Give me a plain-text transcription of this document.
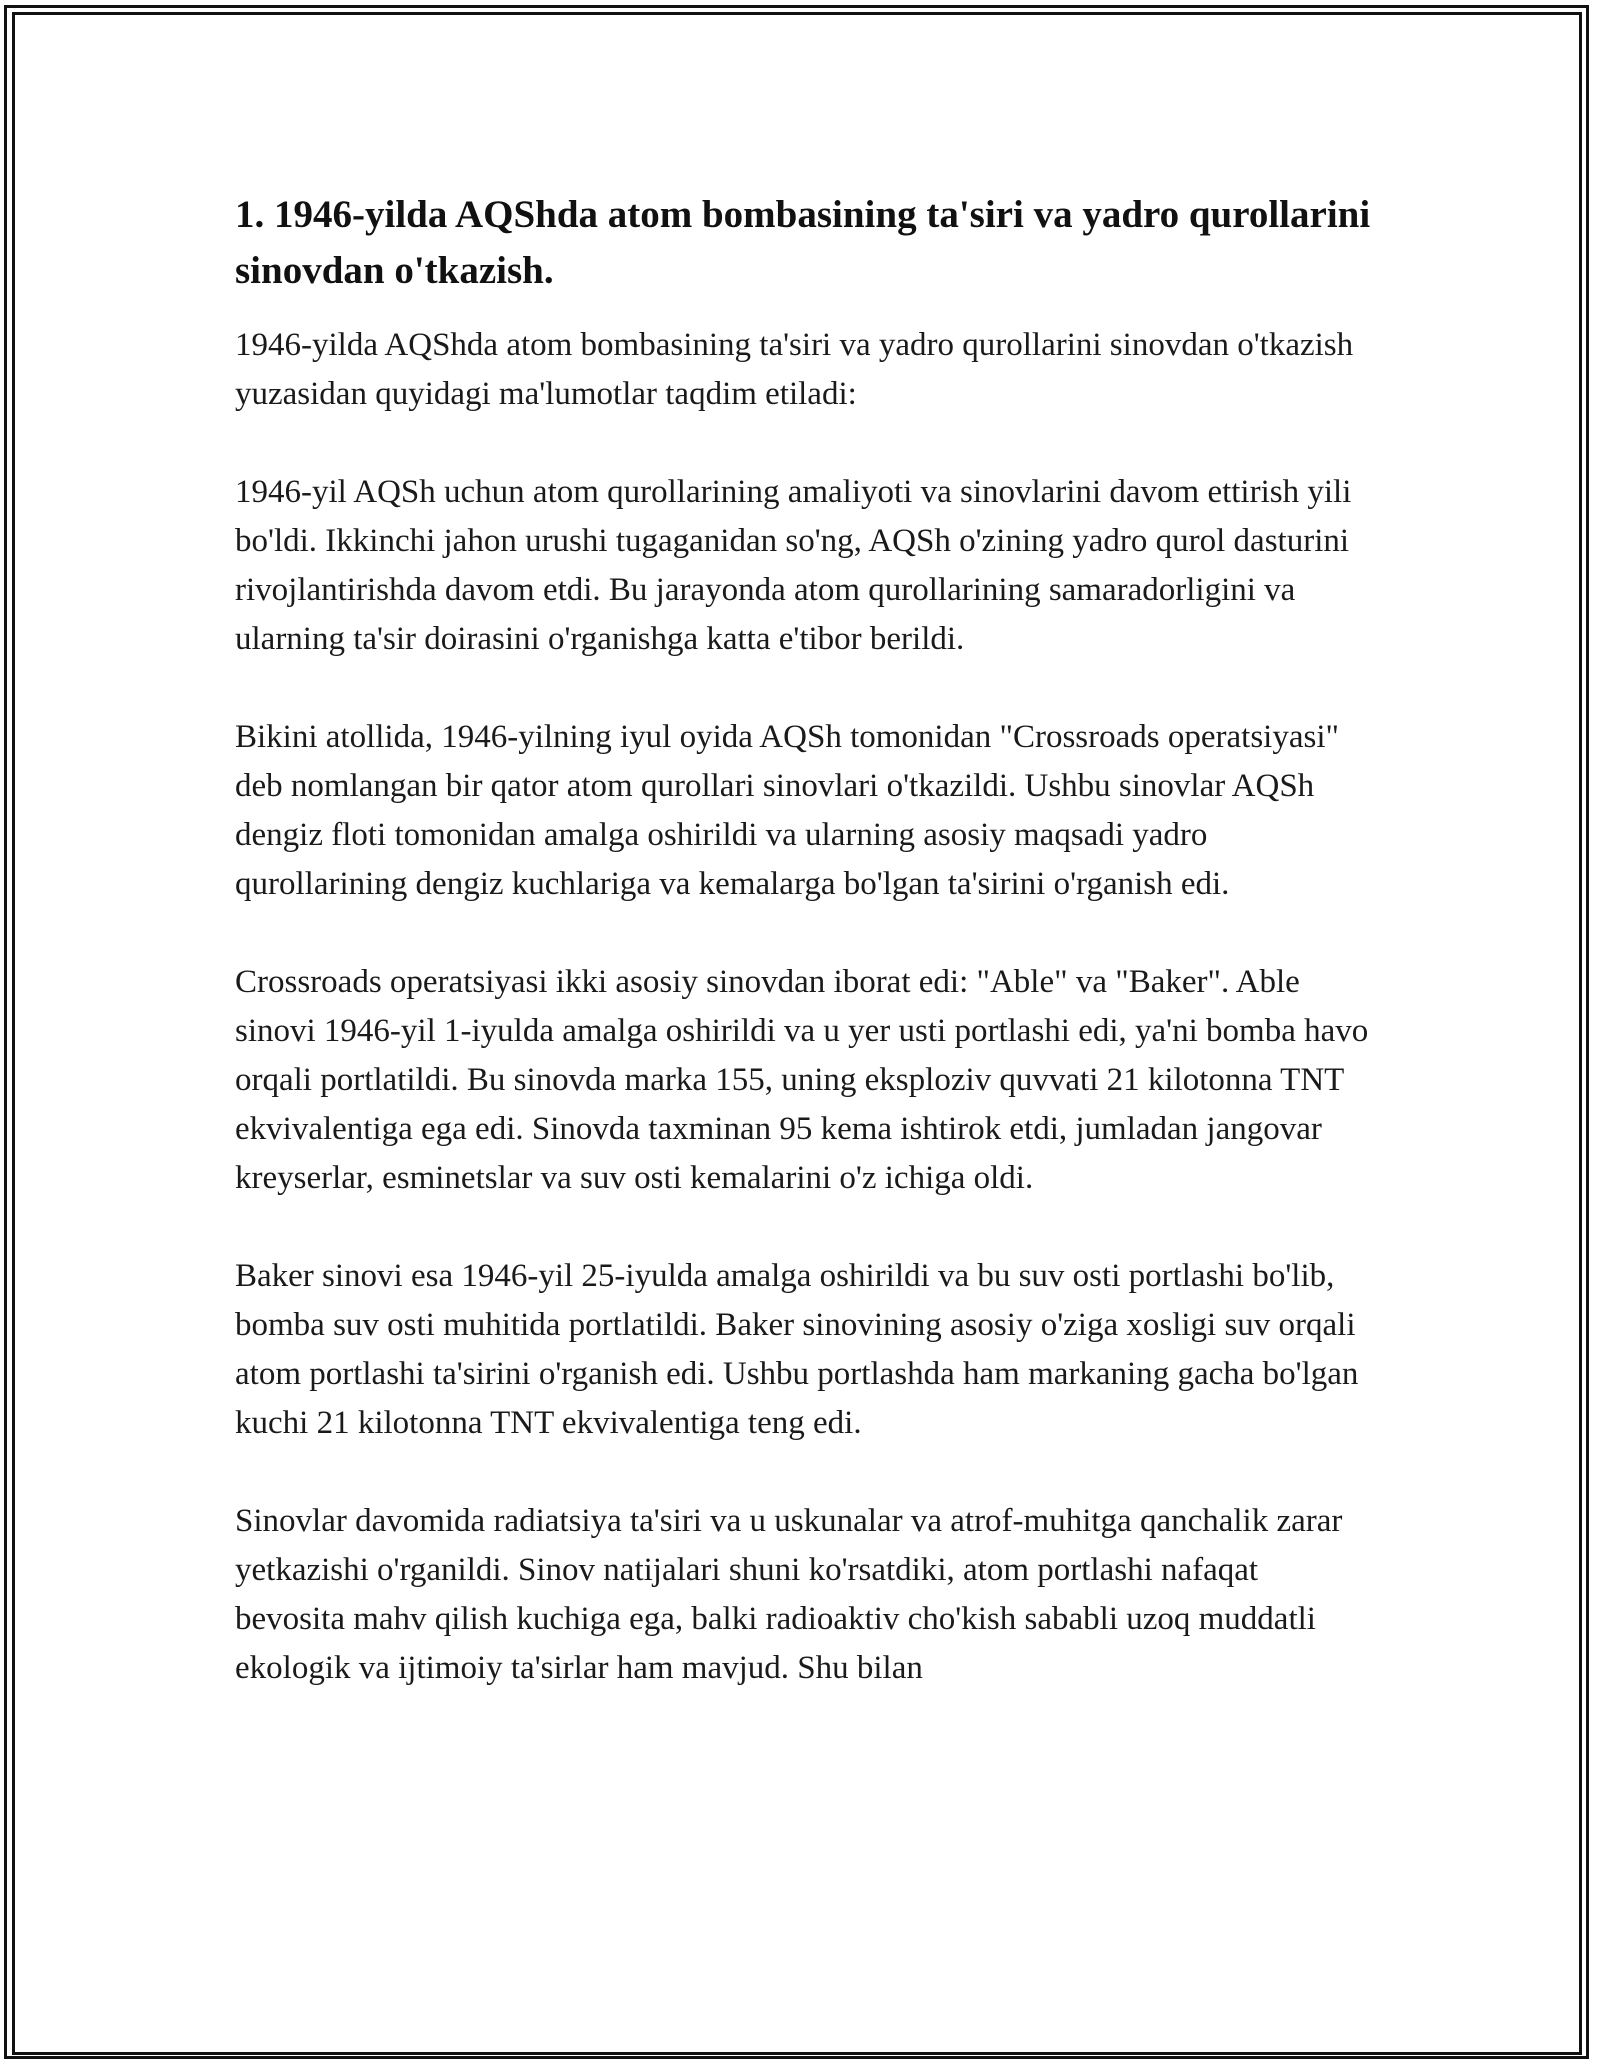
1. 1946-yilda AQShda atom bombasining ta'siri va yadro qurollarini sinovdan o'tkazish.

1946-yilda AQShda atom bombasining ta'siri va yadro qurollarini sinovdan o'tkazish yuzasidan quyidagi ma'lumotlar taqdim etiladi:

1946-yil AQSh uchun atom qurollarining amaliyoti va sinovlarini davom ettirish yili bo'ldi. Ikkinchi jahon urushi tugaganidan so'ng, AQSh o'zining yadro qurol dasturini rivojlantirishda davom etdi. Bu jarayonda atom qurollarining samaradorligini va ularning ta'sir doirasini o'rganishga katta e'tibor berildi.

Bikini atollida, 1946-yilning iyul oyida AQSh tomonidan "Crossroads operatsiyasi" deb nomlangan bir qator atom qurollari sinovlari o'tkazildi. Ushbu sinovlar AQSh dengiz floti tomonidan amalga oshirildi va ularning asosiy maqsadi yadro qurollarining dengiz kuchlariga va kemalarga bo'lgan ta'sirini o'rganish edi.

Crossroads operatsiyasi ikki asosiy sinovdan iborat edi: "Able" va "Baker". Able sinovi 1946-yil 1-iyulda amalga oshirildi va u yer usti portlashi edi, ya'ni bomba havo orqali portlatildi. Bu sinovda marka 155, uning eksploziv quvvati 21 kilotonna TNT ekvivalentiga ega edi. Sinovda taxminan 95 kema ishtirok etdi, jumladan jangovar kreyserlar, esminetslar va suv osti kemalarini o'z ichiga oldi.

Baker sinovi esa 1946-yil 25-iyulda amalga oshirildi va bu suv osti portlashi bo'lib, bomba suv osti muhitida portlatildi. Baker sinovining asosiy o'ziga xosligi suv orqali atom portlashi ta'sirini o'rganish edi. Ushbu portlashda ham markaning gacha bo'lgan kuchi 21 kilotonna TNT ekvivalentiga teng edi.

Sinovlar davomida radiatsiya ta'siri va u uskunalar va atrof-muhitga qanchalik zarar yetkazishi o'rganildi. Sinov natijalari shuni ko'rsatdiki, atom portlashi nafaqat bevosita mahv qilish kuchiga ega, balki radioaktiv cho'kish sababli uzoq muddatli ekologik va ijtimoiy ta'sirlar ham mavjud. Shu bilan
